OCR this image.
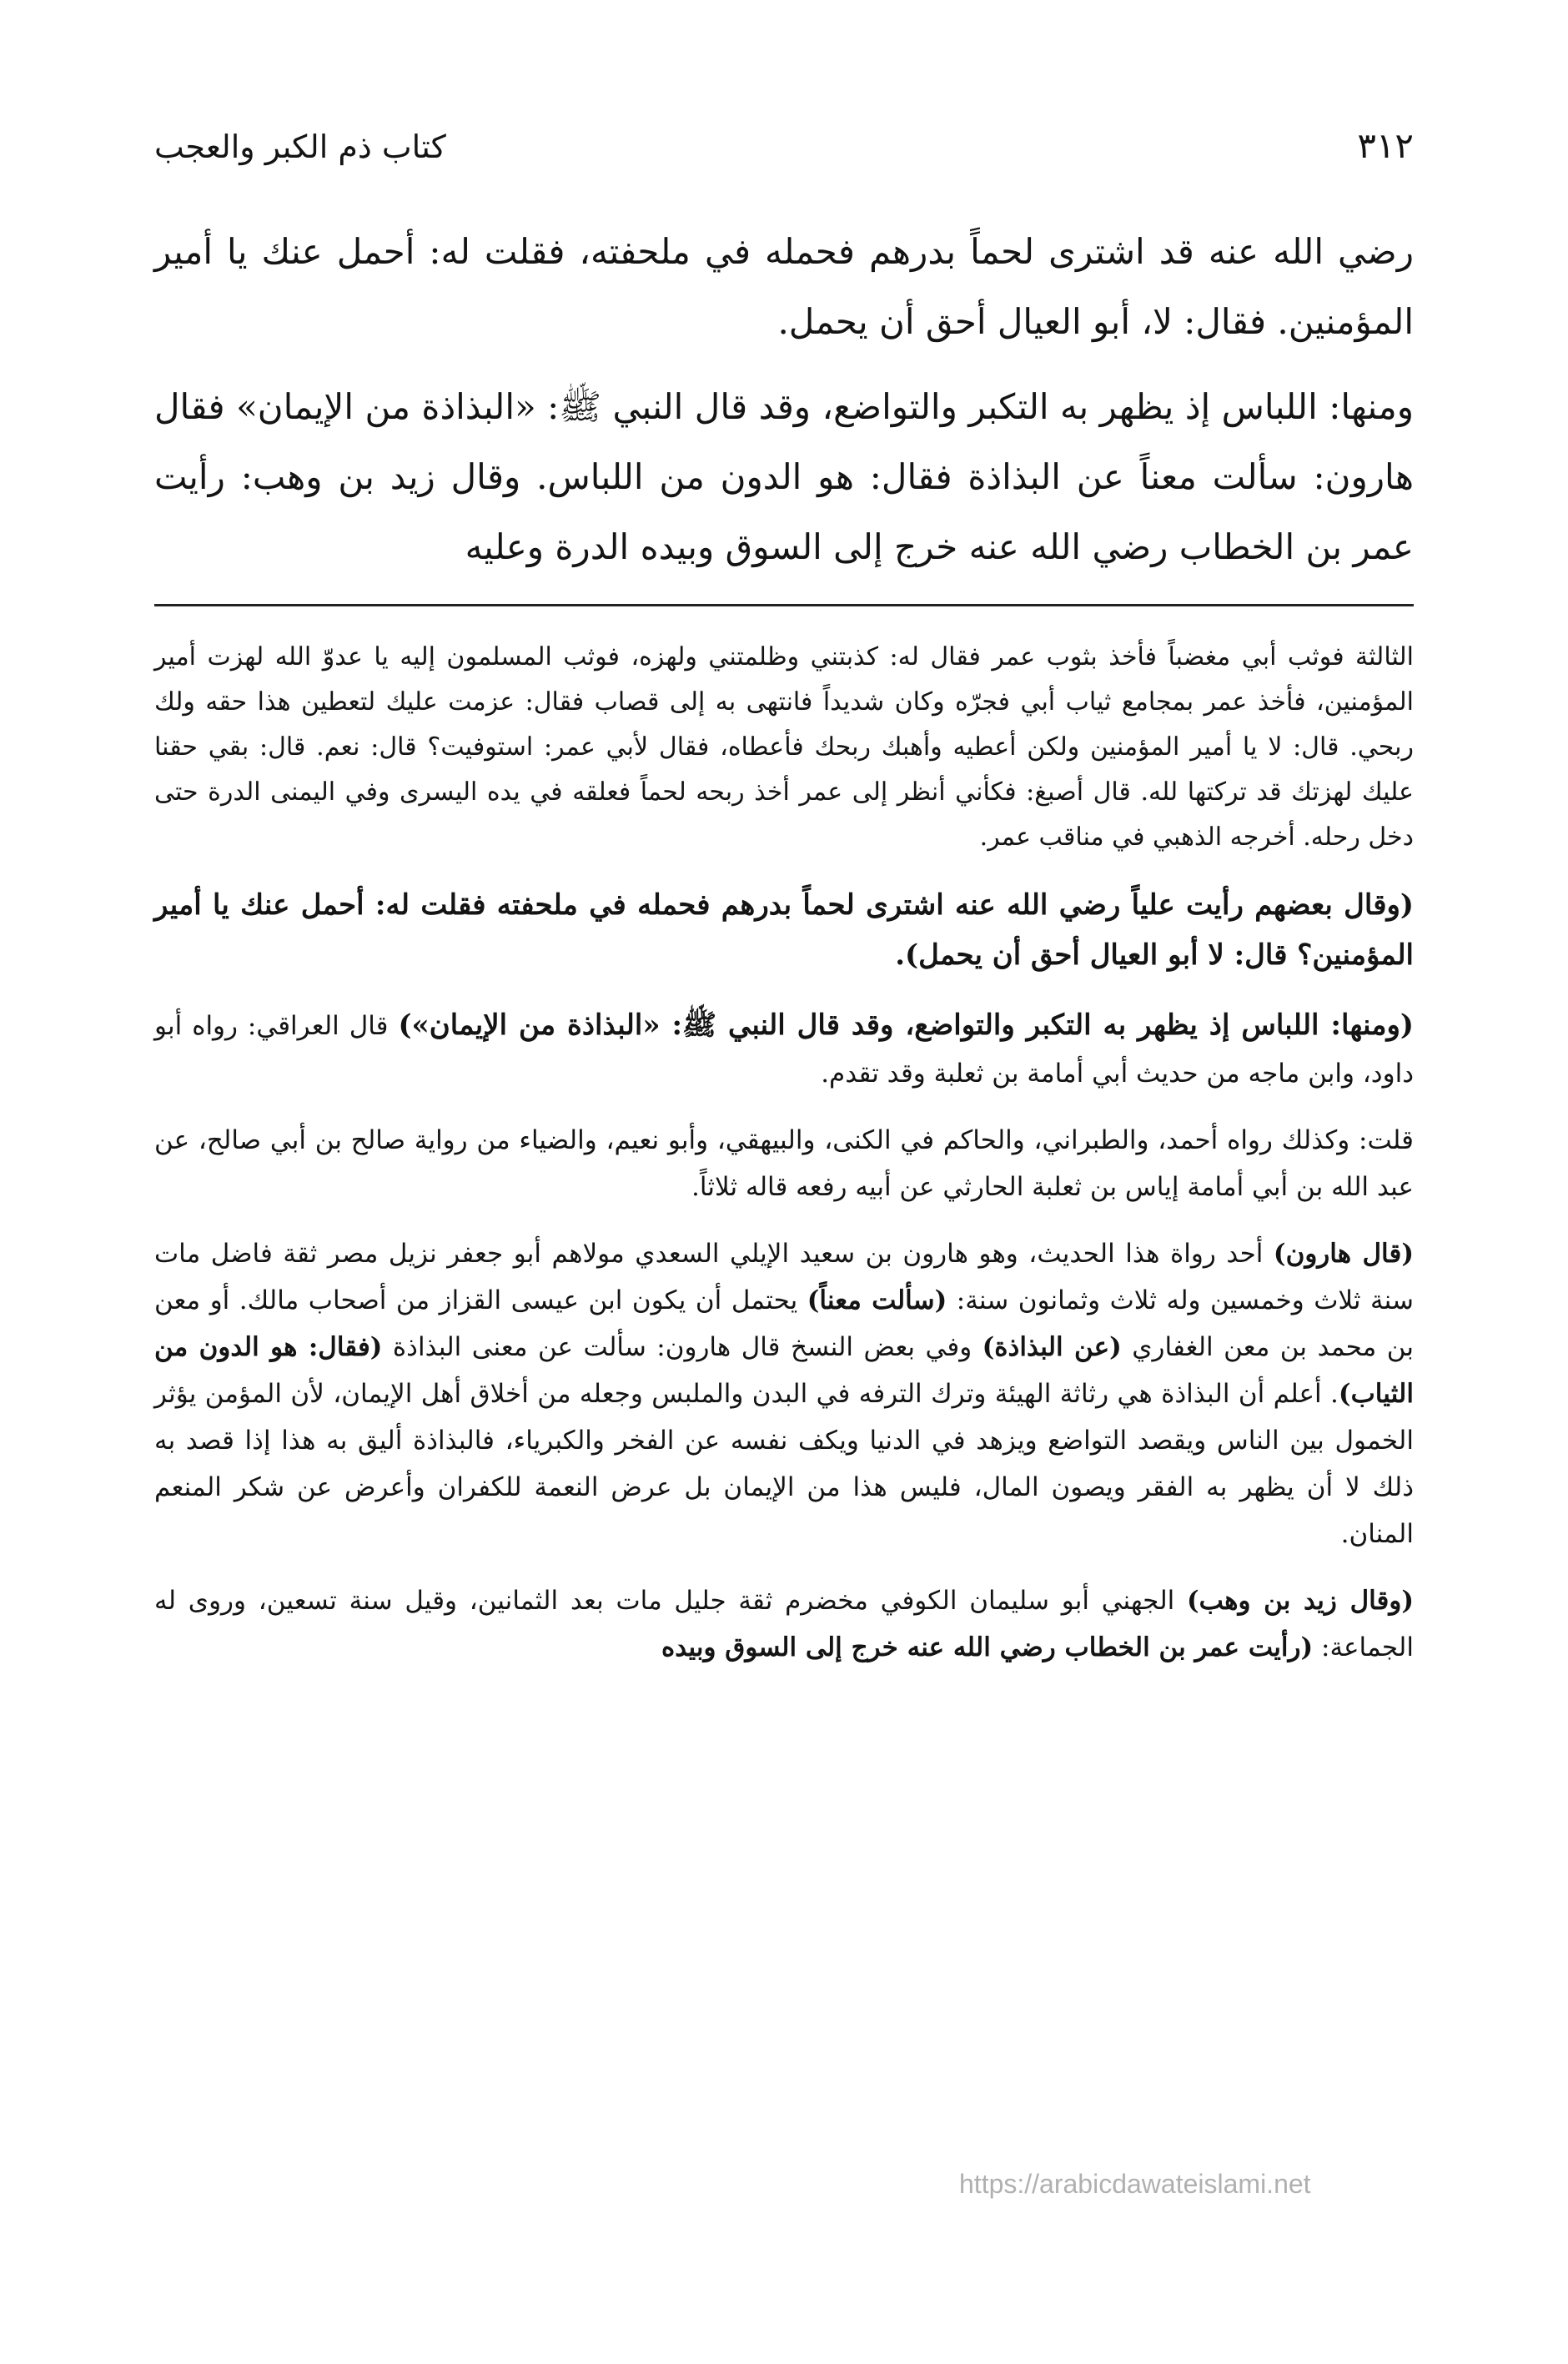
٣١٢
كتاب ذم الكبر والعجب

رضي الله عنه قد اشترى لحماً بدرهم فحمله في ملحفته، فقلت له: أحمل عنك يا أمير المؤمنين. فقال: لا، أبو العيال أحق أن يحمل.

ومنها: اللباس إذ يظهر به التكبر والتواضع، وقد قال النبي ﷺ: «البذاذة من الإيمان» فقال هارون: سألت معناً عن البذاذة فقال: هو الدون من اللباس. وقال زيد بن وهب: رأيت عمر بن الخطاب رضي الله عنه خرج إلى السوق وبيده الدرة وعليه

الثالثة فوثب أبي مغضباً فأخذ بثوب عمر فقال له: كذبتني وظلمتني ولهزه، فوثب المسلمون إليه يا عدوّ الله لهزت أمير المؤمنين، فأخذ عمر بمجامع ثياب أبي فجرّه وكان شديداً فانتهى به إلى قصاب فقال: عزمت عليك لتعطين هذا حقه ولك ربحي. قال: لا يا أمير المؤمنين ولكن أعطيه وأهبك ربحك فأعطاه، فقال لأبي عمر: استوفيت؟ قال: نعم. قال: بقي حقنا عليك لهزتك قد تركتها لله. قال أصبغ: فكأني أنظر إلى عمر أخذ ربحه لحماً فعلقه في يده اليسرى وفي اليمنى الدرة حتى دخل رحله. أخرجه الذهبي في مناقب عمر.

(وقال بعضهم رأيت علياً رضي الله عنه اشترى لحماً بدرهم فحمله في ملحفته فقلت له: أحمل عنك يا أمير المؤمنين؟ قال: لا أبو العيال أحق أن يحمل).

(ومنها: اللباس إذ يظهر به التكبر والتواضع، وقد قال النبي ﷺ: «البذاذة من الإيمان») قال العراقي: رواه أبو داود، وابن ماجه من حديث أبي أمامة بن ثعلبة وقد تقدم.

قلت: وكذلك رواه أحمد، والطبراني، والحاكم في الكنى، والبيهقي، وأبو نعيم، والضياء من رواية صالح بن أبي صالح، عن عبد الله بن أبي أمامة إياس بن ثعلبة الحارثي عن أبيه رفعه قاله ثلاثاً.

(قال هارون) أحد رواة هذا الحديث، وهو هارون بن سعيد الإيلي السعدي مولاهم أبو جعفر نزيل مصر ثقة فاضل مات سنة ثلاث وخمسين وله ثلاث وثمانون سنة: (سألت معناً) يحتمل أن يكون ابن عيسى القزاز من أصحاب مالك. أو معن بن محمد بن معن الغفاري (عن البذاذة) وفي بعض النسخ قال هارون: سألت عن معنى البذاذة (فقال: هو الدون من الثياب). أعلم أن البذاذة هي رثاثة الهيئة وترك الترفه في البدن والملبس وجعله من أخلاق أهل الإيمان، لأن المؤمن يؤثر الخمول بين الناس ويقصد التواضع ويزهد في الدنيا ويكف نفسه عن الفخر والكبرياء، فالبذاذة أليق به هذا إذا قصد به ذلك لا أن يظهر به الفقر ويصون المال، فليس هذا من الإيمان بل عرض النعمة للكفران وأعرض عن شكر المنعم المنان.

(وقال زيد بن وهب) الجهني أبو سليمان الكوفي مخضرم ثقة جليل مات بعد الثمانين، وقيل سنة تسعين، وروى له الجماعة: (رأيت عمر بن الخطاب رضي الله عنه خرج إلى السوق وبيده

https://arabicdawateislami.net
